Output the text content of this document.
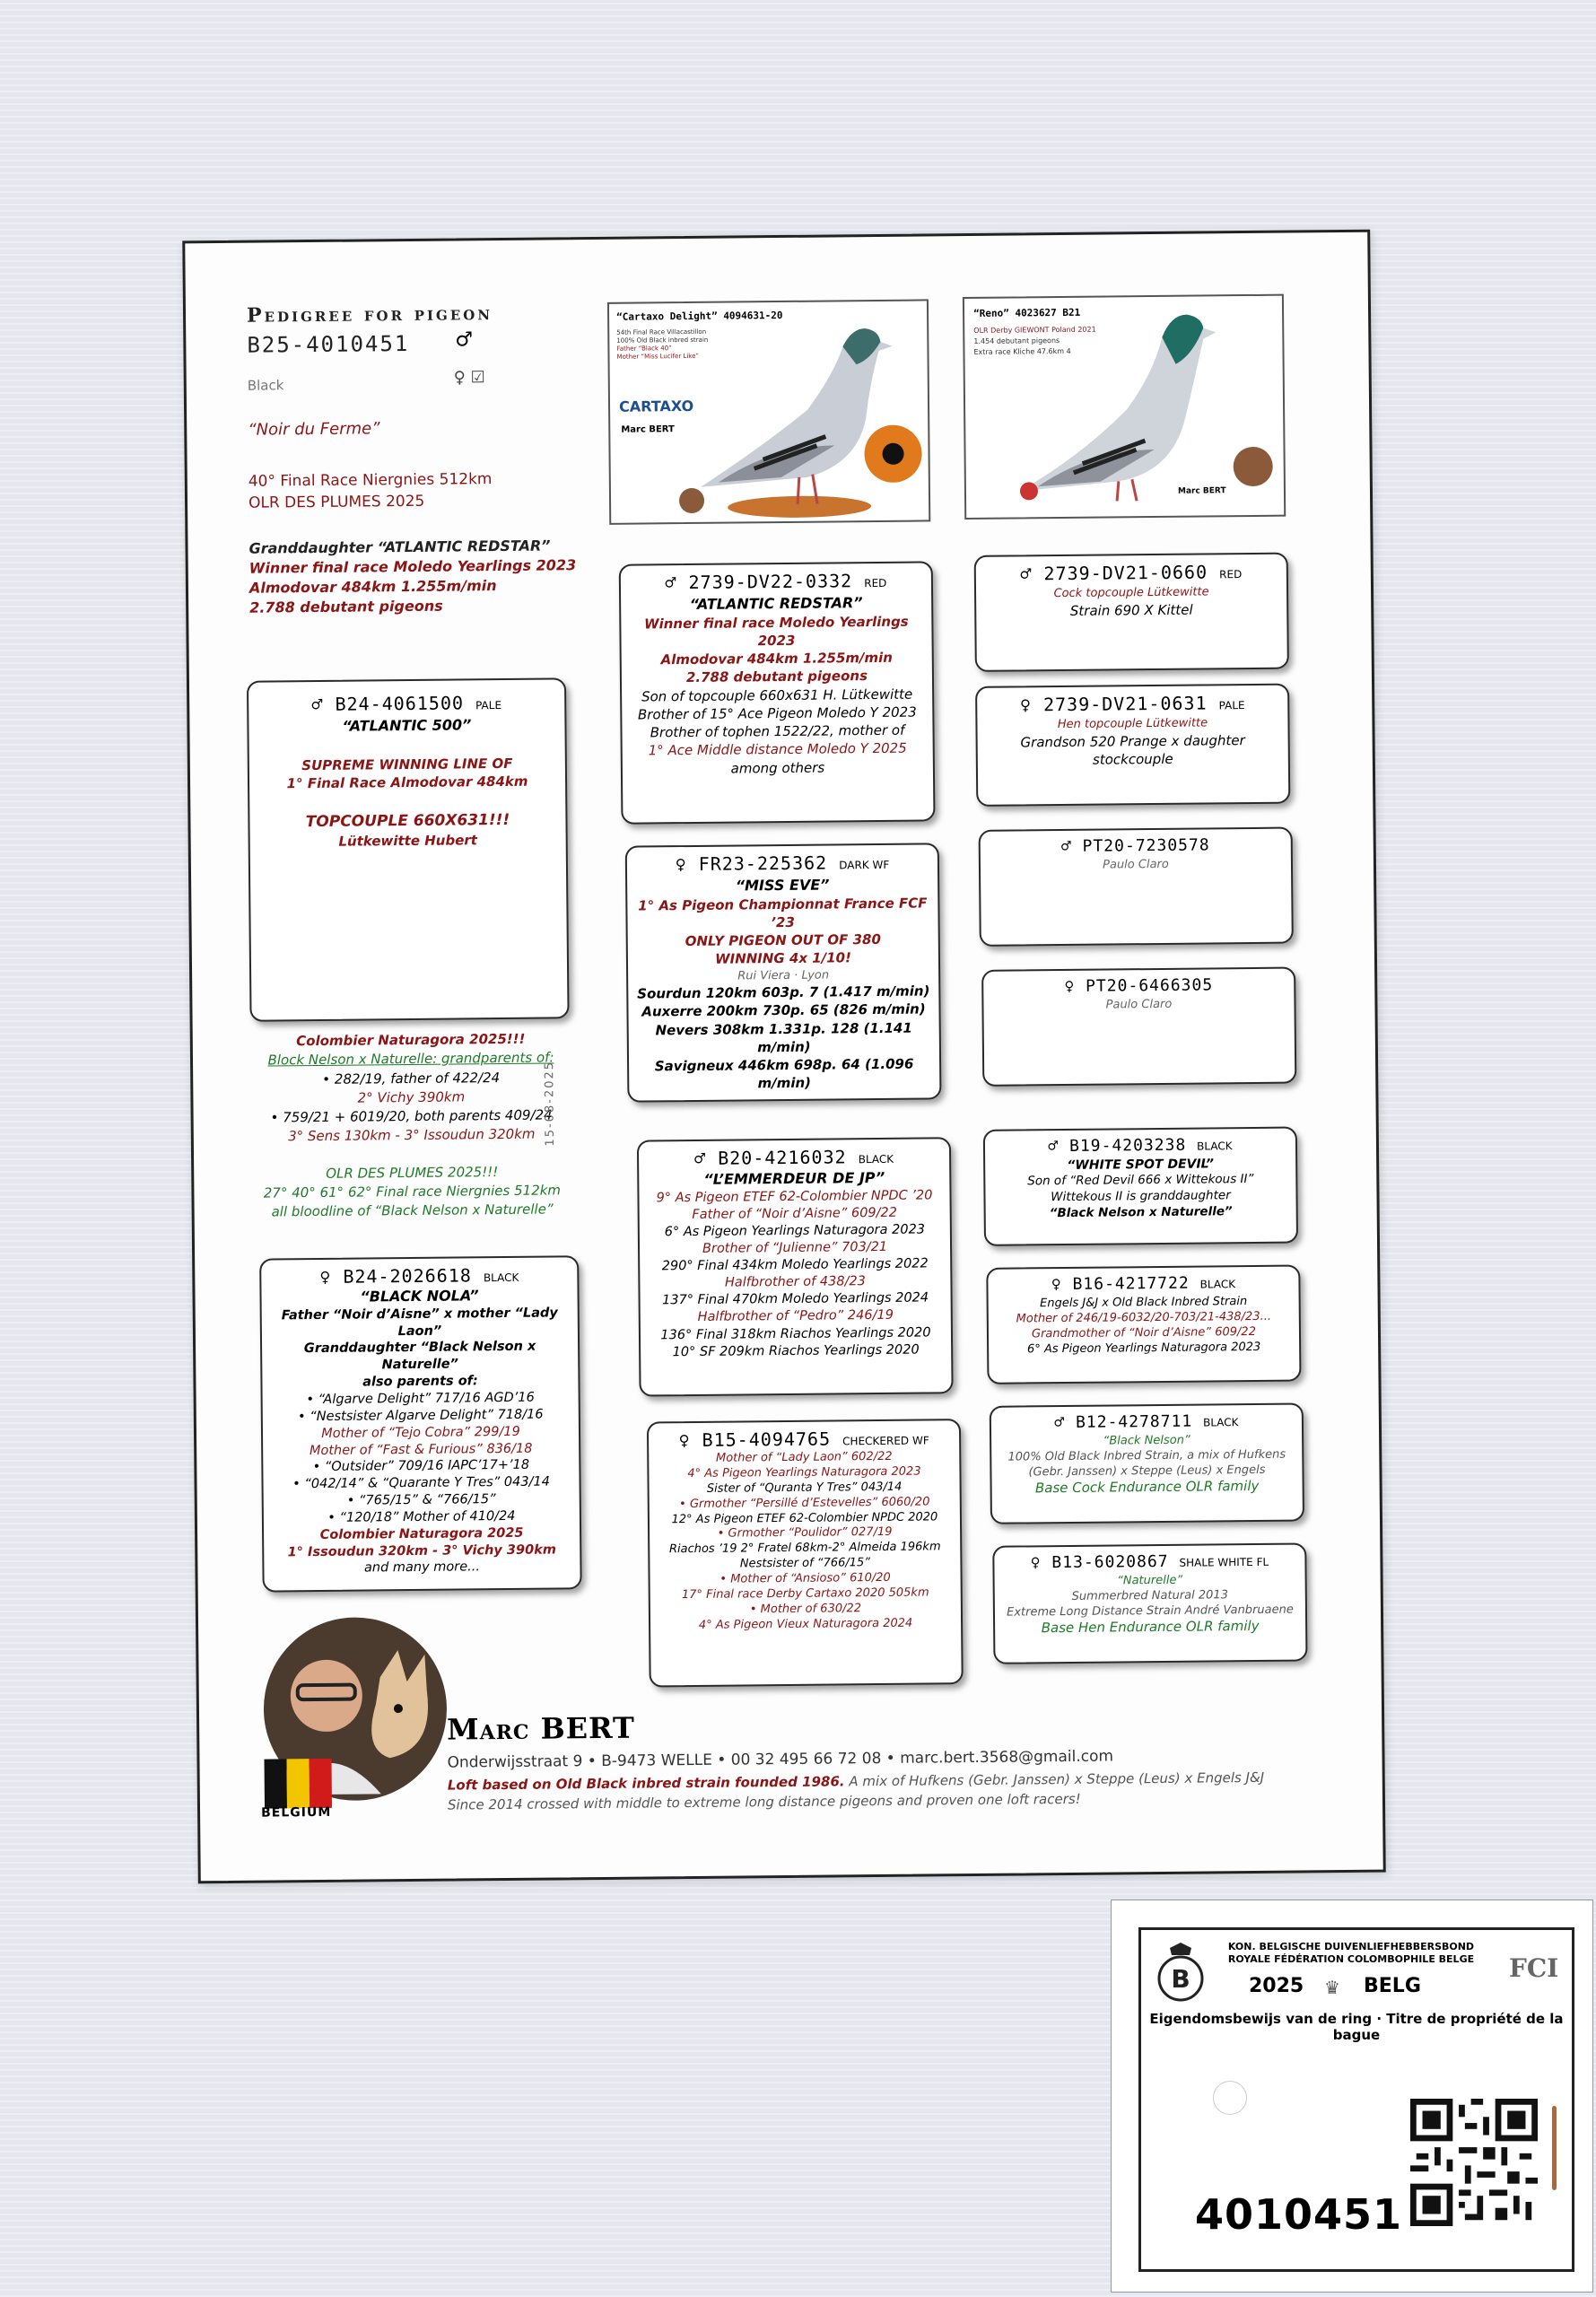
Pedigree for pigeon
B25-4010451 ♂
Black	♀ ☑
“Noir du Ferme”
40° Final Race Niergnies 512km
OLR DES PLUMES 2025
Granddaughter “ATLANTIC REDSTAR”
Winner final race Moledo Yearlings 2023
Almodovar 484km 1.255m/min
2.788 debutant pigeons
“Cartaxo Delight” 4094631-20
54th Final Race Villacastillon
100% Old Black inbred strain
Father “Black 40”
Mother “Miss Lucifer Like”
CARTAXO
Marc BERT
“Reno” 4023627 B21
OLR Derby GIEWONT Poland 2021
1.454 debutant pigeons
Extra race Kliche 47.6km 4
Marc BERT
♂ B24-4061500 PALE
“ATLANTIC 500”
SUPREME WINNING LINE OF
1° Final Race Almodovar 484km
TOPCOUPLE 660X631!!!
Lütkewitte Hubert
Colombier Naturagora 2025!!!
Block Nelson x Naturelle: grandparents of:
• 282/19, father of 422/24
2° Vichy 390km
• 759/21 + 6019/20, both parents 409/24
3° Sens 130km - 3° Issoudun 320km
OLR DES PLUMES 2025!!!
27° 40° 61° 62° Final race Niergnies 512km
all bloodline of “Black Nelson x Naturelle”
15-08-2025
♀ B24-2026618 BLACK
“BLACK NOLA”
Father “Noir d’Aisne” x mother “Lady Laon”
Granddaughter “Black Nelson x Naturelle”
also parents of:
• “Algarve Delight” 717/16 AGD’16
• “Nestsister Algarve Delight” 718/16
Mother of “Tejo Cobra” 299/19
Mother of “Fast & Furious” 836/18
• “Outsider” 709/16 IAPC’17+’18
• “042/14” & “Quarante Y Tres” 043/14
• “765/15” & “766/15”
• “120/18” Mother of 410/24
Colombier Naturagora 2025
1° Issoudun 320km - 3° Vichy 390km
and many more...
♂ 2739-DV22-0332 RED
“ATLANTIC REDSTAR”
Winner final race Moledo Yearlings 2023
Almodovar 484km 1.255m/min
2.788 debutant pigeons
Son of topcouple 660x631 H. Lütkewitte
Brother of 15° Ace Pigeon Moledo Y 2023
Brother of tophen 1522/22, mother of
1° Ace Middle distance Moledo Y 2025
among others
♀ FR23-225362 DARK WF
“MISS EVE”
1° As Pigeon Championnat France FCF ’23
ONLY PIGEON OUT OF 380
WINNING 4x 1/10!
Rui Viera · Lyon
Sourdun 120km 603p. 7 (1.417 m/min)
Auxerre 200km 730p. 65 (826 m/min)
Nevers 308km 1.331p. 128 (1.141 m/min)
Savigneux 446km 698p. 64 (1.096 m/min)
♂ B20-4216032 BLACK
“L’EMMERDEUR DE JP”
9° As Pigeon ETEF 62-Colombier NPDC ’20
Father of “Noir d’Aisne” 609/22
6° As Pigeon Yearlings Naturagora 2023
Brother of “Julienne” 703/21
290° Final 434km Moledo Yearlings 2022
Halfbrother of 438/23
137° Final 470km Moledo Yearlings 2024
Halfbrother of “Pedro” 246/19
136° Final 318km Riachos Yearlings 2020
10° SF 209km Riachos Yearlings 2020
♀ B15-4094765 CHECKERED WF
Mother of “Lady Laon” 602/22
4° As Pigeon Yearlings Naturagora 2023
Sister of “Quranta Y Tres” 043/14
• Grmother “Persillé d’Estevelles” 6060/20
12° As Pigeon ETEF 62-Colombier NPDC 2020
• Grmother “Poulidor” 027/19
Riachos ’19 2° Fratel 68km-2° Almeida 196km
Nestsister of “766/15”
• Mother of “Ansioso” 610/20
17° Final race Derby Cartaxo 2020 505km
• Mother of 630/22
4° As Pigeon Vieux Naturagora 2024
♂ 2739-DV21-0660 RED
Cock topcouple Lütkewitte
Strain 690 X Kittel
♀ 2739-DV21-0631 PALE
Hen topcouple Lütkewitte
Grandson 520 Prange x daughter
stockcouple
♂ PT20-7230578
Paulo Claro
♀ PT20-6466305
Paulo Claro
♂ B19-4203238 BLACK
“WHITE SPOT DEVIL”
Son of “Red Devil 666 x Wittekous II”
Wittekous II is granddaughter
“Black Nelson x Naturelle”
♀ B16-4217722 BLACK
Engels J&J x Old Black Inbred Strain
Mother of 246/19-6032/20-703/21-438/23...
Grandmother of “Noir d’Aisne” 609/22
6° As Pigeon Yearlings Naturagora 2023
♂ B12-4278711 BLACK
“Black Nelson”
100% Old Black Inbred Strain, a mix of Hufkens
(Gebr. Janssen) x Steppe (Leus) x Engels
Base Cock Endurance OLR family
♀ B13-6020867 SHALE WHITE FL
“Naturelle”
Summerbred Natural 2013
Extreme Long Distance Strain André Vanbruaene
Base Hen Endurance OLR family
BELGIUM
Marc BERT
Onderwijsstraat 9 • B-9473 WELLE • 00 32 495 66 72 08 • marc.bert.3568@gmail.com
Loft based on Old Black inbred strain founded 1986. A mix of Hufkens (Gebr. Janssen) x Steppe (Leus) x Engels J&J
Since 2014 crossed with middle to extreme long distance pigeons and proven one loft racers!
B
KON. BELGISCHE DUIVENLIEFHEBBERSBOND
ROYALE FÉDÉRATION COLOMBOPHILE BELGE
2025 ♛ BELG
FCI
Eigendomsbewijs van de ring · Titre de propriété de la bague
4010451
